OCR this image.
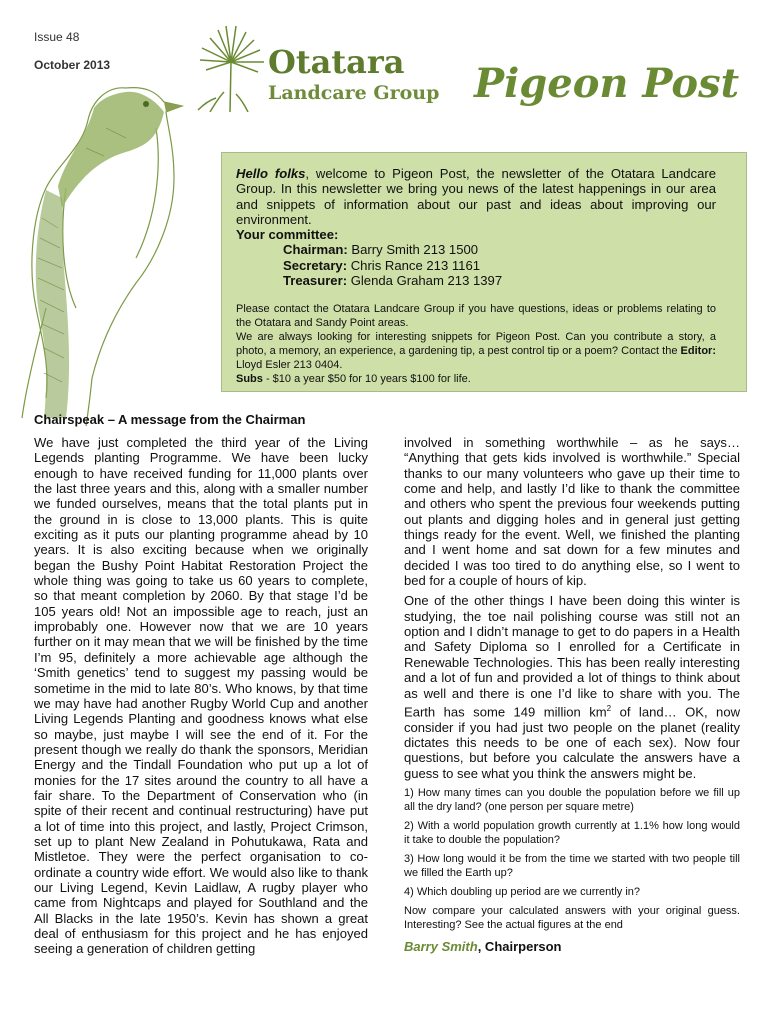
Issue 48
October 2013	Otatara
Landcare Group Pigeon Post

Hello folks, welcome to Pigeon Post, the newsletter of the Otatara Landcare Group. In this newsletter we bring you news of the latest happenings in our area and snippets of information about our past and ideas about improving our environment.

Your committee:

Chairman: Barry Smith 213 1500

Secretary: Chris Rance 213 1161

Treasurer: Glenda Graham 213 1397

Please contact the Otatara Landcare Group if you have questions, ideas or problems relating to the Otatara and Sandy Point areas.
We are always looking for interesting snippets for Pigeon Post. Can you contribute a story, a photo, a memory, an experience, a gardening tip, a pest control tip or a poem? Contact the Editor: Lloyd Esler 213 0404.
Subs - $10 a year $50 for 10 years $100 for life.

Chairspeak – A message from the Chairman

We have just completed the third year of the Living Legends planting Programme. We have been lucky enough to have received funding for 11,000 plants over the last three years and this, along with a smaller number we funded ourselves, means that the total plants put in the ground in is close to 13,000 plants. This is quite exciting as it puts our planting programme ahead by 10 years. It is also exciting because when we originally began the Bushy Point Habitat Restoration Project the whole thing was going to take us 60 years to complete, so that meant completion by 2060. By that stage I’d be 105 years old! Not an impossible age to reach, just an improbably one. However now that we are 10 years further on it may mean that we will be finished by the time I’m 95, definitely a more achievable age although the ‘Smith genetics’ tend to suggest my passing would be sometime in the mid to late 80’s. Who knows, by that time we may have had another Rugby World Cup and another Living Legends Planting and goodness knows what else so maybe, just maybe I will see the end of it. For the present though we really do thank the sponsors, Meridian Energy and the Tindall Foundation who put up a lot of monies for the 17 sites around the country to all have a fair share. To the Department of Conservation who (in spite of their recent and continual restructuring) have put a lot of time into this project, and lastly, Project Crimson, set up to plant New Zealand in Pohutukawa, Rata and Mistletoe. They were the perfect organisation to co-ordinate a country wide effort. We would also like to thank our Living Legend, Kevin Laidlaw, A rugby player who came from Nightcaps and played for Southland and the All Blacks in the late 1950’s. Kevin has shown a great deal of enthusiasm for this project and he has enjoyed seeing a generation of children getting

involved in something worthwhile – as he says… “Anything that gets kids involved is worthwhile.” Special thanks to our many volunteers who gave up their time to come and help, and lastly I’d like to thank the committee and others who spent the previous four weekends putting out plants and digging holes and in general just getting things ready for the event. Well, we finished the planting and I went home and sat down for a few minutes and decided I was too tired to do anything else, so I went to bed for a couple of hours of kip.

One of the other things I have been doing this winter is studying, the toe nail polishing course was still not an option and I didn’t manage to get to do papers in a Health and Safety Diploma so I enrolled for a Certificate in Renewable Technologies. This has been really interesting and a lot of fun and provided a lot of things to think about as well and there is one I’d like to share with you. The Earth has some 149 million $km^2$ of land… OK, now consider if you had just two people on the planet (reality dictates this needs to be one of each sex). Now four questions, but before you calculate the answers have a guess to see what you think the answers might be.

1) How many times can you double the population before we fill up all the dry land? (one person per square metre)

2) With a world population growth currently at 1.1% how long would it take to double the population?

3) How long would it be from the time we started with two people till we filled the Earth up?

4) Which doubling up period are we currently in?

Now compare your calculated answers with your original guess. Interesting? See the actual figures at the end

Barry Smith, Chairperson
